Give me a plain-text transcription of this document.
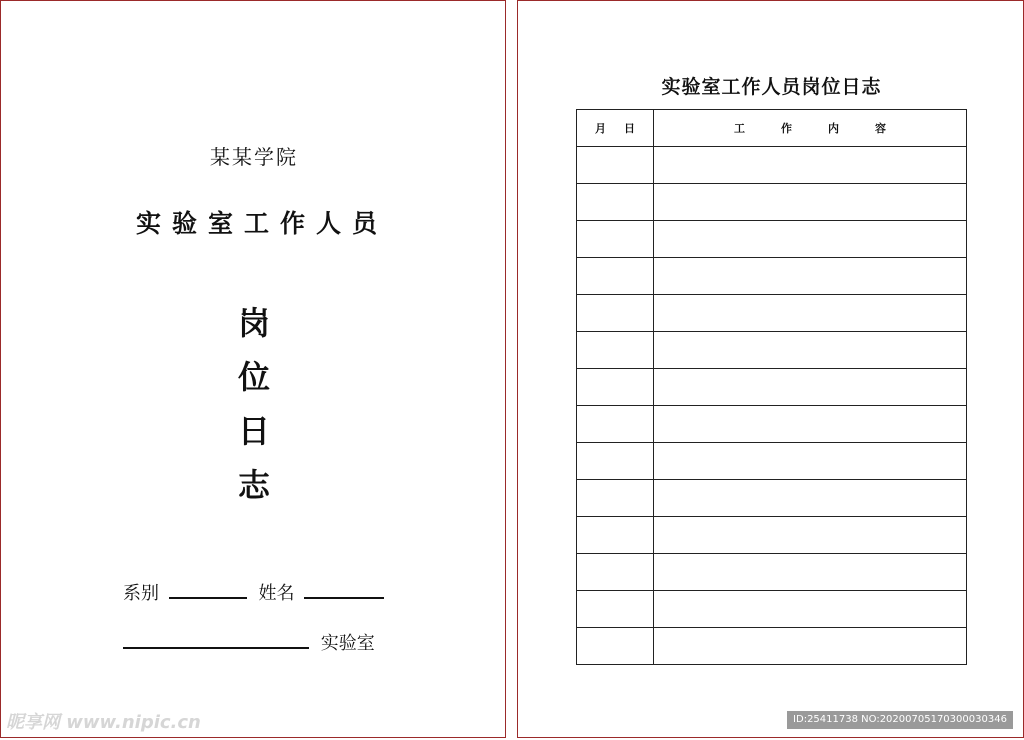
某某学院
实验室工作人员
岗
位
日
志
系别	姓名
实验室
实验室工作人员岗位日志
月 日	工 作 内 容

昵享网 www.nipic.cn	ID:25411738 NO:20200705170300030346
